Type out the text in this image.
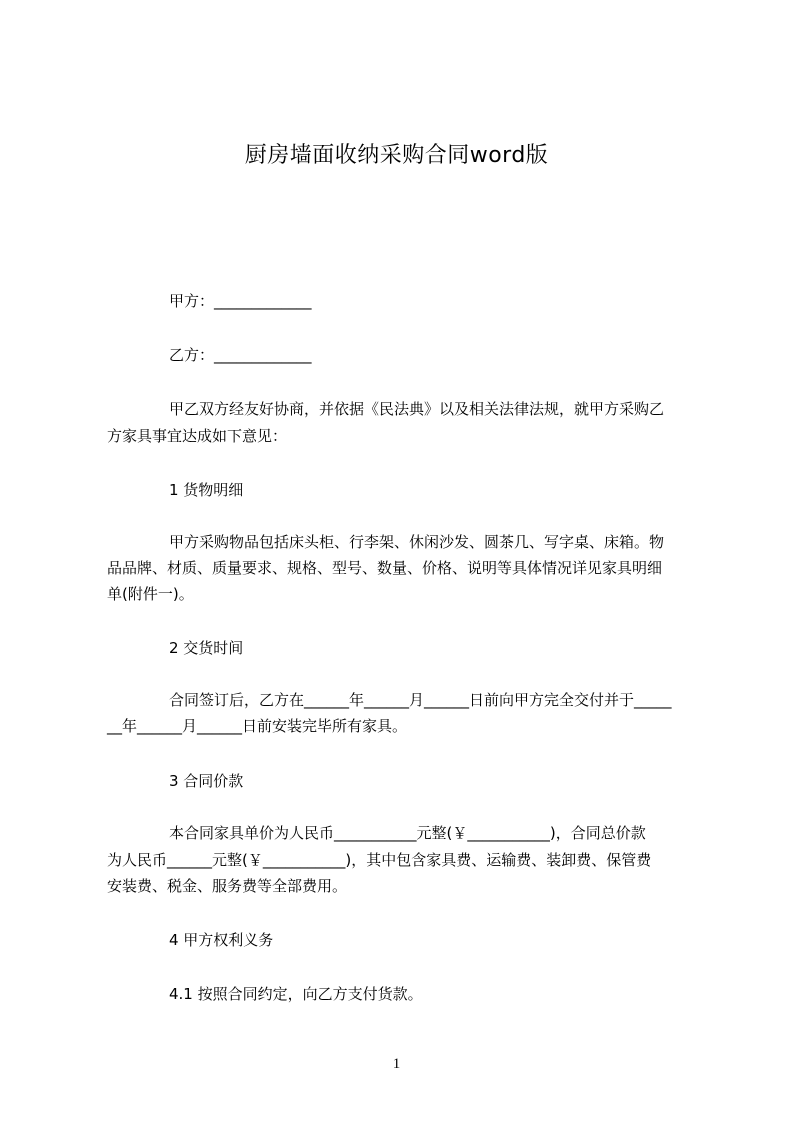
厨房墙面收纳采购合同word版
甲方：_____________
乙方：_____________
甲乙双方经友好协商，并依据《民法典》以及相关法律法规，就甲方采购乙
方家具事宜达成如下意见：
1 货物明细
甲方采购物品包括床头柜、行李架、休闲沙发、圆茶几、写字桌、床箱。物
品品牌、材质、质量要求、规格、型号、数量、价格、说明等具体情况详见家具明细
单(附件一)。
2 交货时间
合同签订后，乙方在______年______月______日前向甲方完全交付并于_____
__年______月______日前安装完毕所有家具。
3 合同价款
本合同家具单价为人民币___________元整(￥___________)，合同总价款
为人民币______元整(￥___________)，其中包含家具费、运输费、装卸费、保管费
安装费、税金、服务费等全部费用。
4 甲方权利义务
4.1 按照合同约定，向乙方支付货款。
1
